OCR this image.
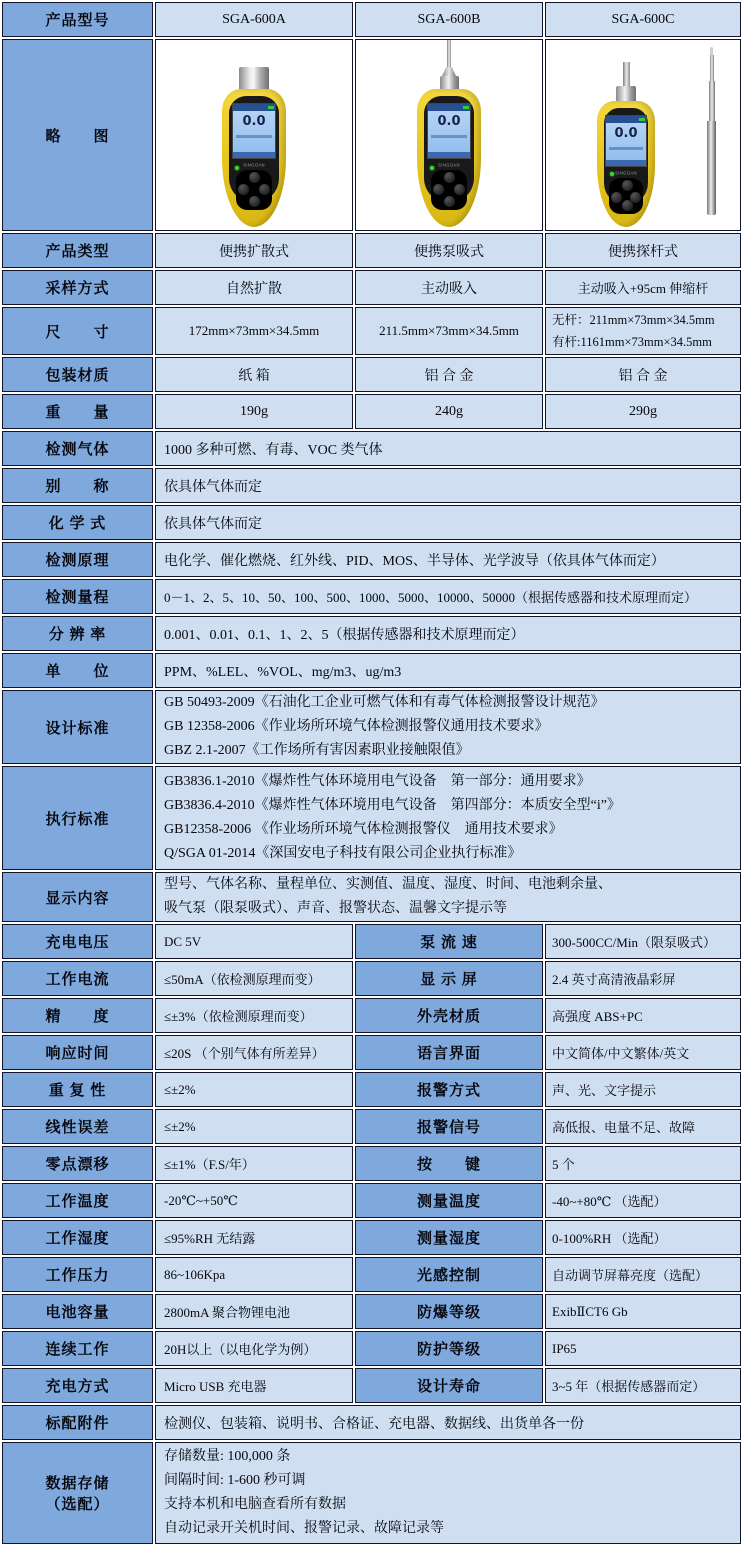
产品型号	SGA-600A	SGA-600B	SGA-600C
略　　图	
0.0
SINGOAN

0.0
SINGOAN

0.0
SINGOAN

产品类型	便携扩散式	便携泵吸式	便携探杆式
采样方式	自然扩散	主动吸入	主动吸入+95cm 伸缩杆
尺　　寸	172mm×73mm×34.5mm	211.5mm×73mm×34.5mm	无杆：211mm×73mm×34.5mm
有杆:1161mm×73mm×34.5mm

包装材质	纸 箱	铝 合 金	铝 合 金
重　　量	190g	240g	290g
检测气体	1000 多种可燃、有毒、VOC 类气体		
别　　称	依具体气体而定		
化 学 式	依具体气体而定		
检测原理	电化学、催化燃烧、红外线、PID、MOS、半导体、光学波导（依具体气体而定）		
检测量程	0－1、2、5、10、50、100、500、1000、5000、10000、50000（根据传感器和技术原理而定）		
分 辨 率	0.001、0.01、0.1、1、2、5（根据传感器和技术原理而定）		
单　　位	PPM、%LEL、%VOL、mg/m3、ug/m3		
设计标准	GB 50493-2009《石油化工企业可燃气体和有毒气体检测报警设计规范》
GB 12358-2006《作业场所环境气体检测报警仪通用技术要求》
GBZ 2.1-2007《工作场所有害因素职业接触限值》		

执行标准	GB3836.1-2010《爆炸性气体环境用电气设备　第一部分：通用要求》
GB3836.4-2010《爆炸性气体环境用电气设备　第四部分：本质安全型“i”》
GB12358-2006 《作业场所环境气体检测报警仪　通用技术要求》
Q/SGA 01-2014《深国安电子科技有限公司企业执行标准》		

显示内容	型号、气体名称、量程单位、实测值、温度、湿度、时间、电池剩余量、
吸气泵（限泵吸式）、声音、报警状态、温馨文字提示等		

充电电压	DC 5V	泵 流 速	300-500CC/Min（限泵吸式）
工作电流	≤50mA（依检测原理而变）	显 示 屏	2.4 英寸高清液晶彩屏
精　　度	≤±3%（依检测原理而变）	外壳材质	高强度 ABS+PC
响应时间	≤20S （个别气体有所差异）	语言界面	中文简体/中文繁体/英文
重 复 性	≤±2%	报警方式	声、光、文字提示
线性误差	≤±2%	报警信号	高低报、电量不足、故障
零点漂移	≤±1%（F.S/年）	按　　键	5 个
工作温度	-20℃~+50℃	测量温度	-40~+80℃ （选配）
工作湿度	≤95%RH 无结露	测量湿度	0-100%RH （选配）
工作压力	86~106Kpa	光感控制	自动调节屏幕亮度（选配）
电池容量	2800mA 聚合物锂电池	防爆等级	ExibⅡCT6 Gb
连续工作	20H以上（以电化学为例）	防护等级	IP65
充电方式	Micro USB 充电器	设计寿命	3~5 年（根据传感器而定）
标配附件	检测仪、包装箱、说明书、合格证、充电器、数据线、出货单各一份		

数据存储
（选配）

存储数量: 100,000 条
间隔时间: 1-600 秒可调
支持本机和电脑查看所有数据
自动记录开关机时间、报警记录、故障记录等
